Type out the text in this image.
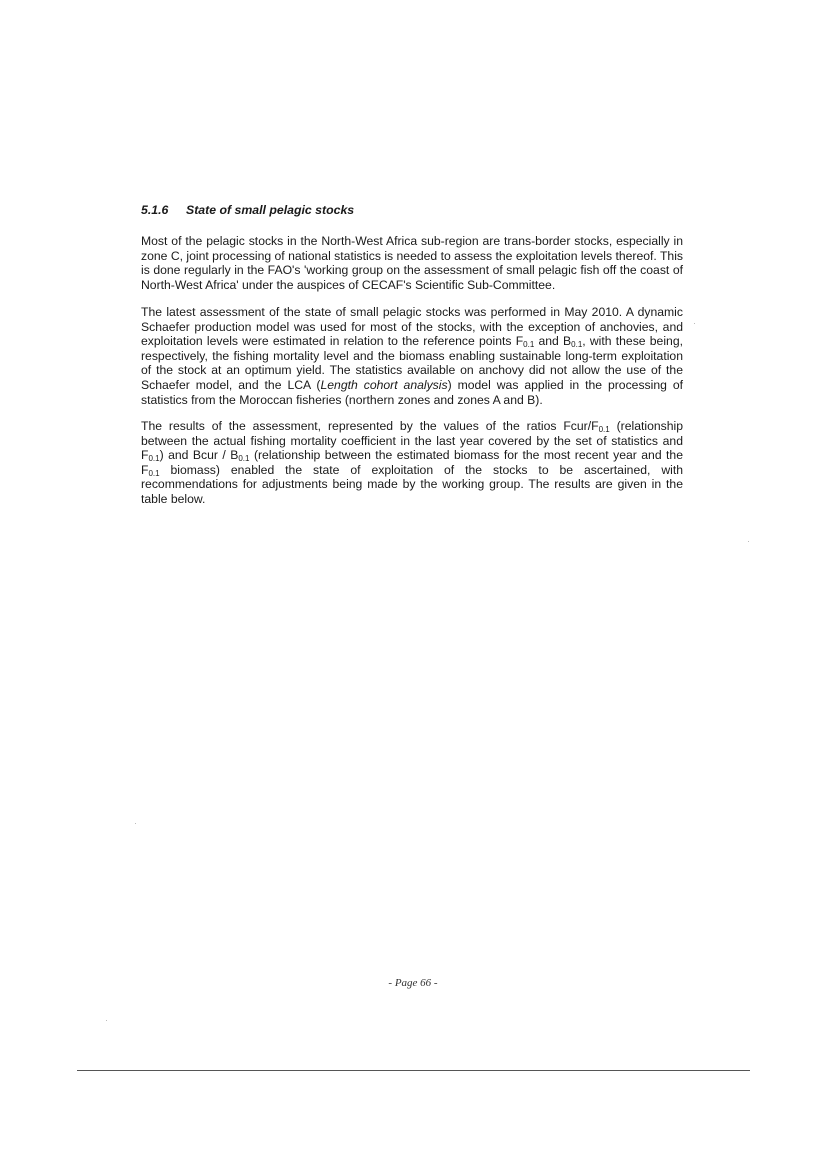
5.1.6 State of small pelagic stocks

Most of the pelagic stocks in the North-West Africa sub-region are trans-border stocks, especially in zone C, joint processing of national statistics is needed to assess the exploitation levels thereof. This is done regularly in the FAO's 'working group on the assessment of small pelagic fish off the coast of North-West Africa' under the auspices of CECAF's Scientific Sub-Committee.

The latest assessment of the state of small pelagic stocks was performed in May 2010. A dynamic Schaefer production model was used for most of the stocks, with the exception of anchovies, and exploitation levels were estimated in relation to the reference points $F_{0.1}$ and $B_{0.1}$, with these being, respectively, the fishing mortality level and the biomass enabling sustainable long-term exploitation of the stock at an optimum yield. The statistics available on anchovy did not allow the use of the Schaefer model, and the LCA (Length cohort analysis) model was applied in the processing of statistics from the Moroccan fisheries (northern zones and zones A and B).

The results of the assessment, represented by the values of the ratios Fcur/$F_{0.1}$ (relationship between the actual fishing mortality coefficient in the last year covered by the set of statistics and $F_{0.1}$) and Bcur / $B_{0.1}$ (relationship between the estimated biomass for the most recent year and the $F_{0.1}$ biomass) enabled the state of exploitation of the stocks to be ascertained, with recommendations for adjustments being made by the working group. The results are given in the table below.

- Page 66 -
